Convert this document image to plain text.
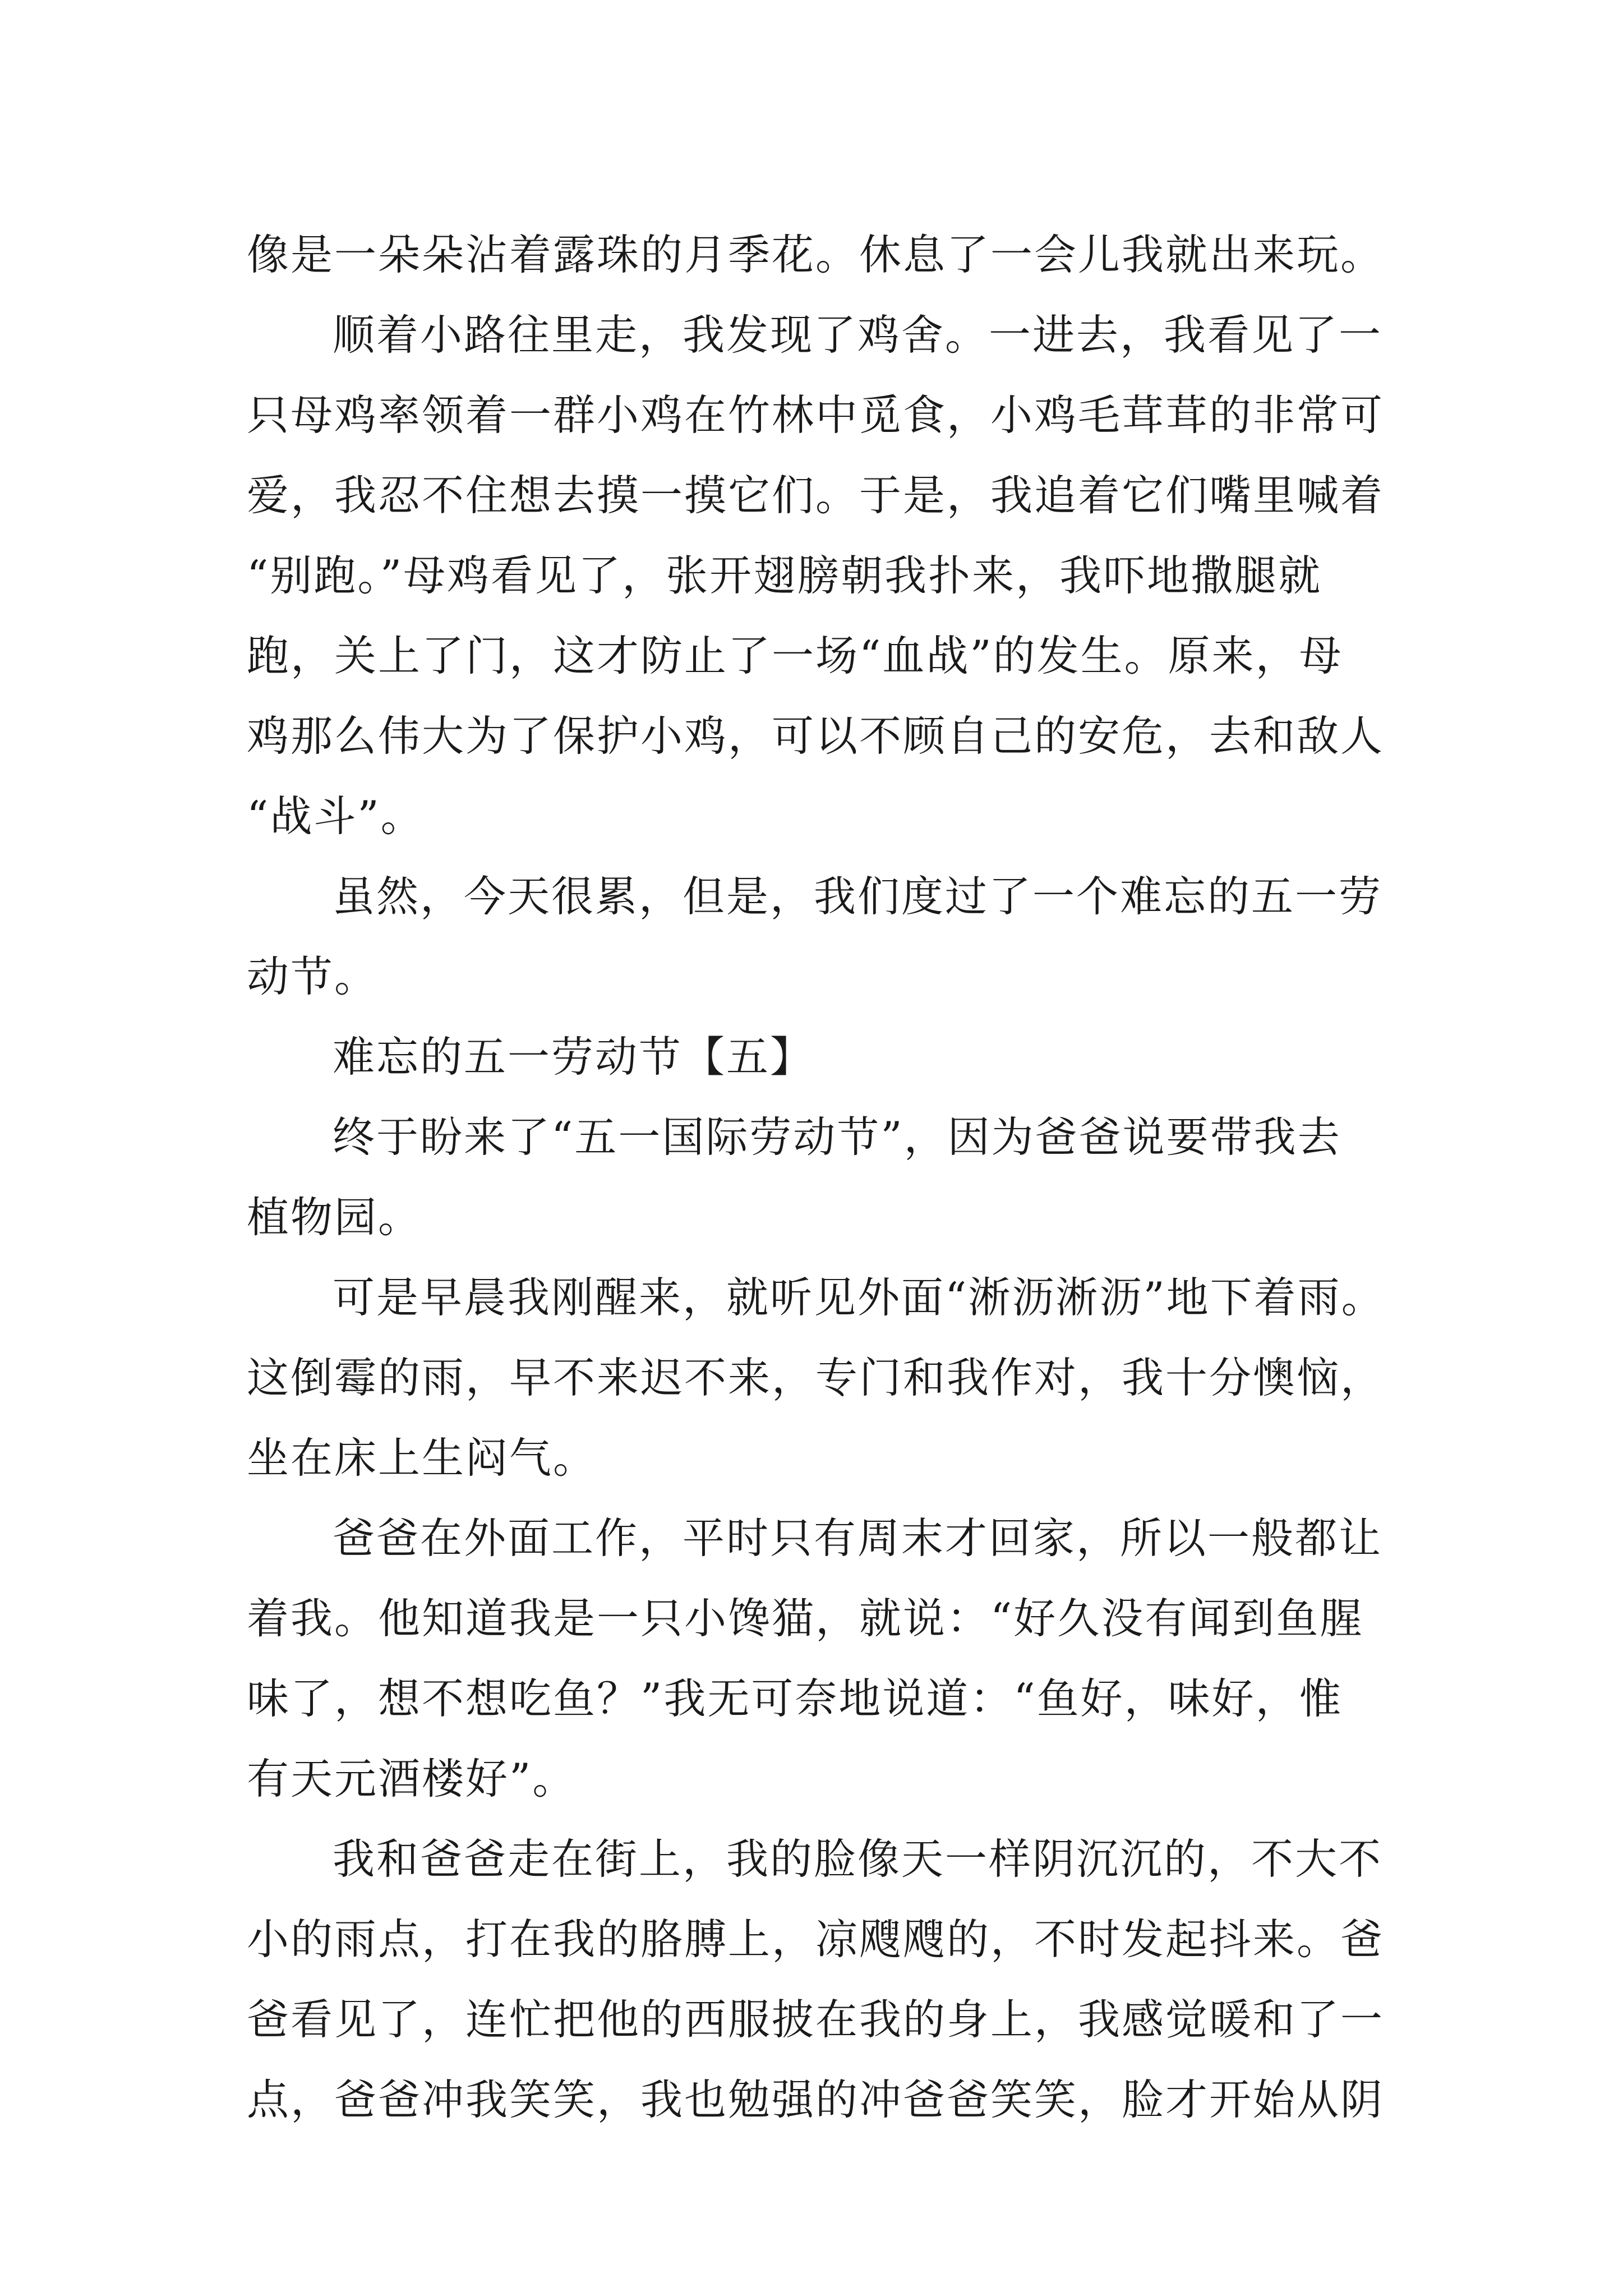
像是一朵朵沾着露珠的月季花。休息了一会儿我就出来玩。
顺着小路往里走，我发现了鸡舍。一进去，我看见了一
只母鸡率领着一群小鸡在竹林中觅食，小鸡毛茸茸的非常可
爱，我忍不住想去摸一摸它们。于是，我追着它们嘴里喊着
“别跑。”母鸡看见了，张开翅膀朝我扑来，我吓地撒腿就
跑，关上了门，这才防止了一场“血战”的发生。原来，母
鸡那么伟大为了保护小鸡，可以不顾自己的安危，去和敌人
“战斗”。
虽然，今天很累，但是，我们度过了一个难忘的五一劳
动节。
难忘的五一劳动节【五】
终于盼来了“五一国际劳动节”，因为爸爸说要带我去
植物园。
可是早晨我刚醒来，就听见外面“淅沥淅沥”地下着雨。
这倒霉的雨，早不来迟不来，专门和我作对，我十分懊恼，
坐在床上生闷气。
爸爸在外面工作，平时只有周末才回家，所以一般都让
着我。他知道我是一只小馋猫，就说：“好久没有闻到鱼腥
味了，想不想吃鱼？”我无可奈地说道：“鱼好，味好，惟
有天元酒楼好”。
我和爸爸走在街上，我的脸像天一样阴沉沉的，不大不
小的雨点，打在我的胳膊上，凉飕飕的，不时发起抖来。爸
爸看见了，连忙把他的西服披在我的身上，我感觉暖和了一
点，爸爸冲我笑笑，我也勉强的冲爸爸笑笑，脸才开始从阴
